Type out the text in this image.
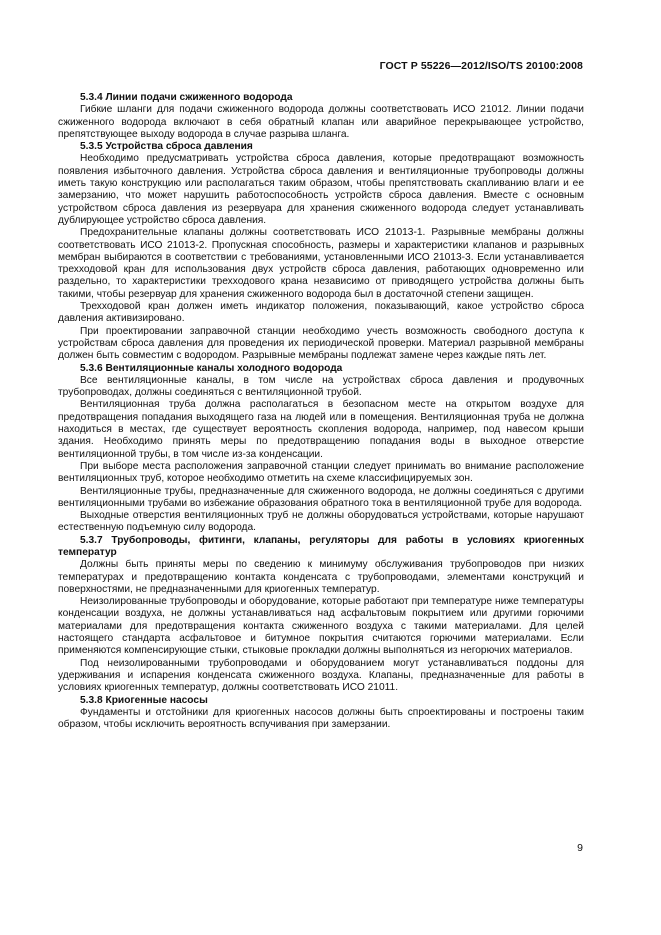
ГОСТ Р 55226—2012/ISO/TS 20100:2008
5.3.4 Линии подачи сжиженного водорода

Гибкие шланги для подачи сжиженного водорода должны соответствовать ИСО 21012. Линии подачи сжиженного водорода включают в себя обратный клапан или аварийное перекрывающее устройство, препятствующее выходу водорода в случае разрыва шланга.

5.3.5 Устройства сброса давления

Необходимо предусматривать устройства сброса давления, которые предотвращают возможность появления избыточного давления. Устройства сброса давления и вентиляционные трубопроводы должны иметь такую конструкцию или располагаться таким образом, чтобы препятствовать скапливанию влаги и ее замерзанию, что может нарушить работоспособность устройств сброса давления. Вместе с основным устройством сброса давления из резервуара для хранения сжиженного водорода следует устанавливать дублирующее устройство сброса давления.

Предохранительные клапаны должны соответствовать ИСО 21013-1. Разрывные мембраны должны соответствовать ИСО 21013-2. Пропускная способность, размеры и характеристики клапанов и разрывных мембран выбираются в соответствии с требованиями, установленными ИСО 21013-3. Если устанавливается трехходовой кран для использования двух устройств сброса давления, работающих одновременно или раздельно, то характеристики трехходового крана независимо от приводящего устройства должны быть такими, чтобы резервуар для хранения сжиженного водорода был в достаточной степени защищен.

Трехходовой кран должен иметь индикатор положения, показывающий, какое устройство сброса давления активизировано.

При проектировании заправочной станции необходимо учесть возможность свободного доступа к устройствам сброса давления для проведения их периодической проверки. Материал разрывной мембраны должен быть совместим с водородом. Разрывные мембраны подлежат замене через каждые пять лет.

5.3.6 Вентиляционные каналы холодного водорода

Все вентиляционные каналы, в том числе на устройствах сброса давления и продувочных трубопроводах, должны соединяться с вентиляционной трубой.

Вентиляционная труба должна располагаться в безопасном месте на открытом воздухе для предотвращения попадания выходящего газа на людей или в помещения. Вентиляционная труба не должна находиться в местах, где существует вероятность скопления водорода, например, под навесом крыши здания. Необходимо принять меры по предотвращению попадания воды в выходное отверстие вентиляционной трубы, в том числе из-за конденсации.

При выборе места расположения заправочной станции следует принимать во внимание расположение вентиляционных труб, которое необходимо отметить на схеме классифицируемых зон.

Вентиляционные трубы, предназначенные для сжиженного водорода, не должны соединяться с другими вентиляционными трубами во избежание образования обратного тока в вентиляционной трубе для водорода.

Выходные отверстия вентиляционных труб не должны оборудоваться устройствами, которые нарушают естественную подъемную силу водорода.

5.3.7 Трубопроводы, фитинги, клапаны, регуляторы для работы в условиях криогенных температур

Должны быть приняты меры по сведению к минимуму обслуживания трубопроводов при низких температурах и предотвращению контакта конденсата с трубопроводами, элементами конструкций и поверхностями, не предназначенными для криогенных температур.

Неизолированные трубопроводы и оборудование, которые работают при температуре ниже температуры конденсации воздуха, не должны устанавливаться над асфальтовым покрытием или другими горючими материалами для предотвращения контакта сжиженного воздуха с такими материалами. Для целей настоящего стандарта асфальтовое и битумное покрытия считаются горючими материалами. Если применяются компенсирующие стыки, стыковые прокладки должны выполняться из негорючих материалов.

Под неизолированными трубопроводами и оборудованием могут устанавливаться поддоны для удерживания и испарения конденсата сжиженного воздуха. Клапаны, предназначенные для работы в условиях криогенных температур, должны соответствовать ИСО 21011.

5.3.8 Криогенные насосы

Фундаменты и отстойники для криогенных насосов должны быть спроектированы и построены таким образом, чтобы исключить вероятность вспучивания при замерзании.

9
